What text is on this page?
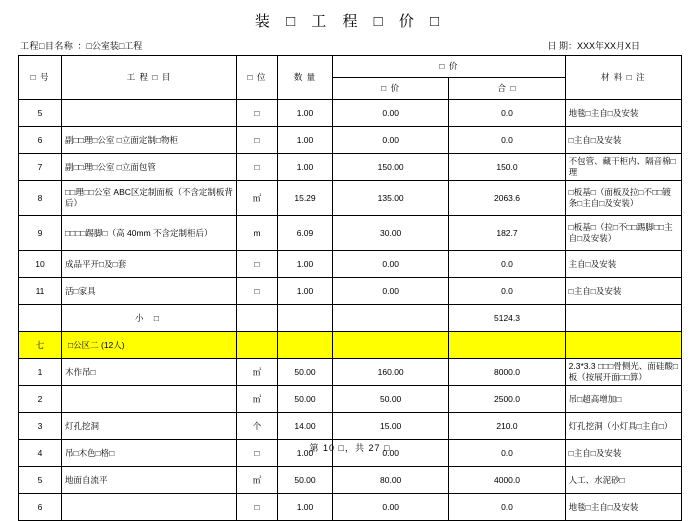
装 □ 工 程 □ 价 □
工程□目名称 ：□公室装□工程	日 期：XXX年XX月X日
□ 号	工 程 □ 目	□ 位	数 量	□ 价		材 料 □ 注
				□ 价	合 □	
5		□	1.00	0.00	0.0	地毯□主自□及安装
6	副□□理□公室 □立面定制□物柜	□	1.00	0.00	0.0	□主自□及安装
7	副□□理□公室 □立面包管	□	1.00	150.00	150.0	不包管、藏干柜内、隔音棉□理
8	□□理□□公室 ABC区定制面板（不含定制板背后）	㎡	15.29	135.00	2063.6	□板基□（面板及拉□不□□镀条□主自□及安装）
9	□□□□踢脚□（高 40mm 不含定制柜后）	m	6.09	30.00	182.7	□板基□（拉□不□□踢脚□□主自□及安装）
10	成品平开□及□套	□	1.00	0.00	0.0	主自□及安装
11	活□家具	□	1.00	0.00	0.0	□主自□及安装
	小 □				5124.3	
七	□公区二 (12人)					
1	木作吊□	㎡	50.00	160.00	8000.0	2.3*3.3 □□□骨侧光、面硅酸□板（按展开面□□算）
2		㎡	50.00	50.00	2500.0	吊□超高增加□
3	灯孔挖洞	个	14.00	15.00	210.0	灯孔挖洞（小灯具□主自□）
4	吊□木色□格□	□	1.00	0.00	0.0	□主自□及安装
5	地面自流平	㎡	50.00	80.00	4000.0	人工、水泥砂□
6		□	1.00	0.00	0.0	地毯□主自□及安装
第 10 □，共 27 □
